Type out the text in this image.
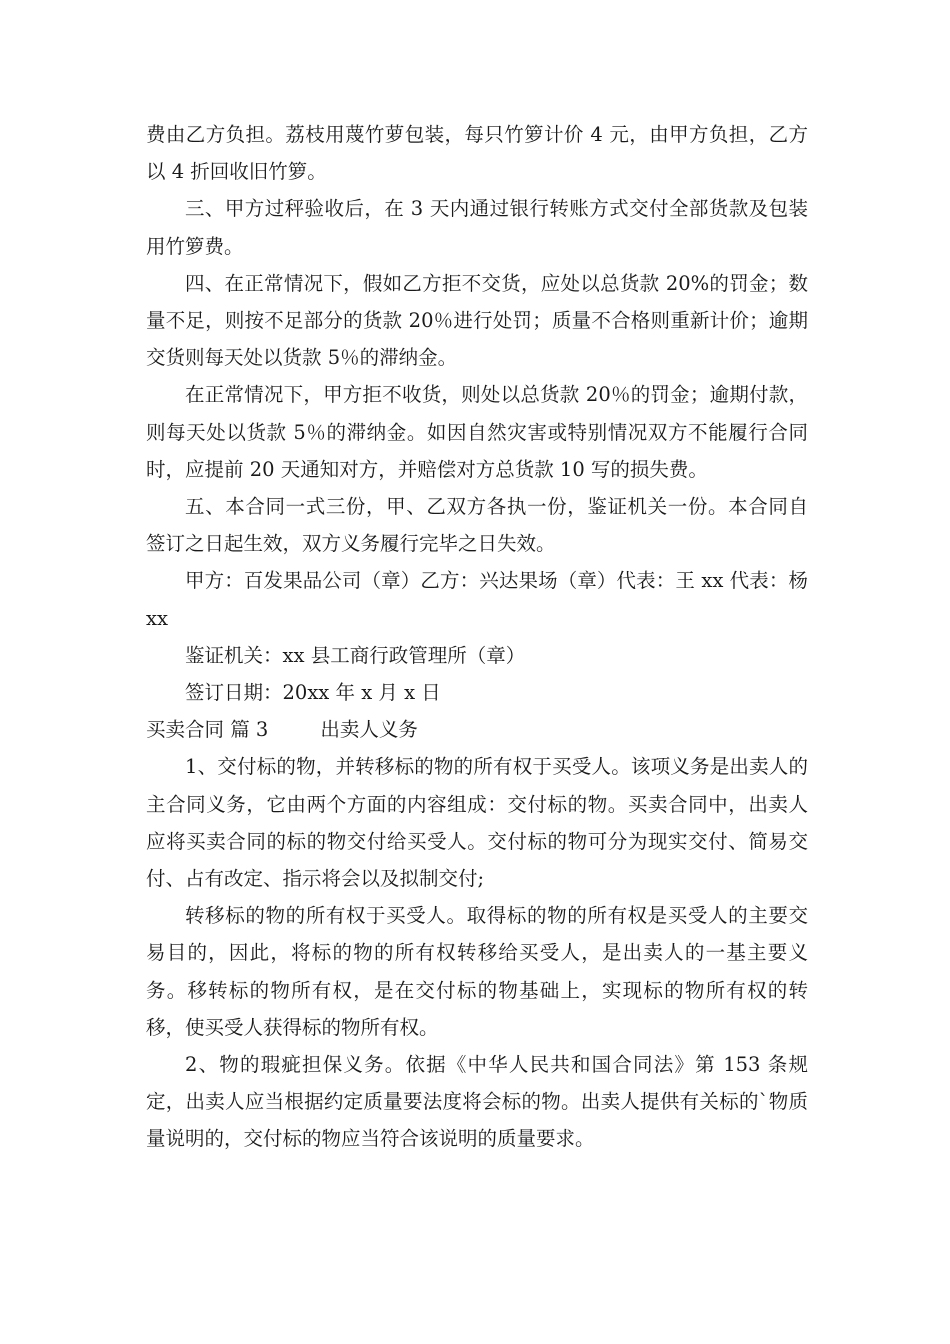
费由乙方负担。荔枝用蔑竹萝包装，每只竹箩计价 4 元，由甲方负担，乙方以 4 折回收旧竹箩。

三、甲方过秤验收后，在 3 天内通过银行转账方式交付全部货款及包装用竹箩费。

四、在正常情况下，假如乙方拒不交货，应处以总货款 20%的罚金；数量不足，则按不足部分的货款 20％进行处罚；质量不合格则重新计价；逾期交货则每天处以货款 5％的滞纳金。

在正常情况下，甲方拒不收货，则处以总货款 20％的罚金；逾期付款，则每天处以货款 5％的滞纳金。如因自然灾害或特别情况双方不能履行合同时，应提前 20 天通知对方，并赔偿对方总货款 10 写的损失费。

五、本合同一式三份，甲、乙双方各执一份，鉴证机关一份。本合同自签订之日起生效，双方义务履行完毕之日失效。

甲方：百发果品公司（章）乙方：兴达果场（章）代表：王 xx 代表：杨 xx

鉴证机关：xx 县工商行政管理所（章）

签订日期：20xx 年 x 月 x 日

买卖合同 篇 3	出卖人义务

1、交付标的物，并转移标的物的所有权于买受人。该项义务是出卖人的主合同义务，它由两个方面的内容组成：交付标的物。买卖合同中，出卖人应将买卖合同的标的物交付给买受人。交付标的物可分为现实交付、简易交付、占有改定、指示将会以及拟制交付;

转移标的物的所有权于买受人。取得标的物的所有权是买受人的主要交易目的，因此，将标的物的所有权转移给买受人，是出卖人的一基主要义务。移转标的物所有权，是在交付标的物基础上，实现标的物所有权的转移，使买受人获得标的物所有权。

2、物的瑕疵担保义务。依据《中华人民共和国合同法》第 153 条规定，出卖人应当根据约定质量要法度将会标的物。出卖人提供有关标的`物质量说明的，交付标的物应当符合该说明的质量要求。
